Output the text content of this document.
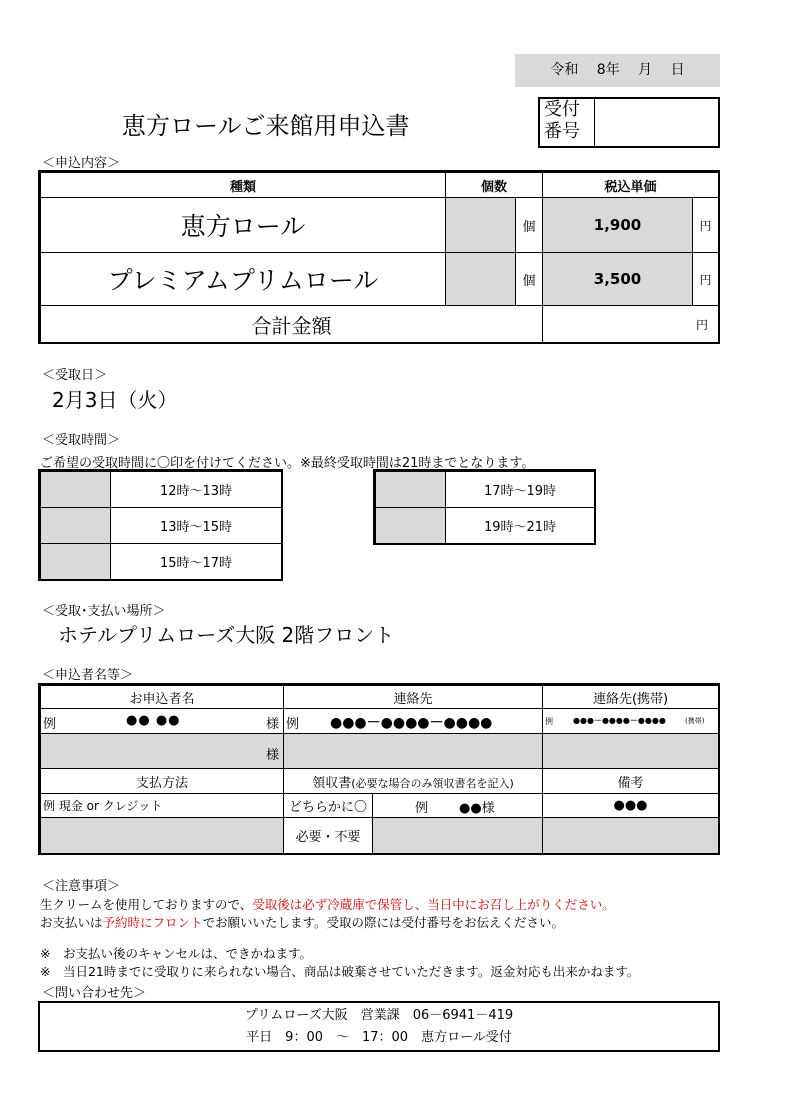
令和　 8年　 月　 日
恵方ロールご来館用申込書
受付
番号
＜申込内容＞
種類	個数		税込単価	
恵方ロール		個	1,900	円
プレミアムプリムロール		個	3,500	円
合計金額			円	
＜受取日＞
2月3日（火）
＜受取時間＞
ご希望の受取時間に〇印を付けてください。※最終受取時間は21時までとなります。
	12時～13時
	13時～15時
	15時～17時
	17時～19時
	19時～21時
＜受取･支払い場所＞
ホテルプリムローズ大阪 2階フロント
＜申込者名等＞
お申込者名	連絡先		連絡先(携帯)

例 ●● ●● 様	例 ●●●－●●●●－●●●●		例 ●●●－●●●●－●●●● (携帯)

様			

支払方法	領収書(必要な場合のみ領収書名を記入)		備考
例 現金 or クレジット	どちらかに〇	例 ●●様	●●●
	必要・不要		
＜注意事項＞
生クリームを使用しておりますので、受取後は必ず冷蔵庫で保管し、当日中にお召し上がりください。
お支払いは予約時にフロントでお願いいたします。受取の際には受付番号をお伝えください。
※　お支払い後のキャンセルは、できかねます。
※　当日21時までに受取りに来られない場合、商品は破棄させていただきます。返金対応も出来かねます。
＜問い合わせ先＞
プリムローズ大阪　営業課　06－6941－419
平日　9：00　～　17：00　恵方ロール受付
